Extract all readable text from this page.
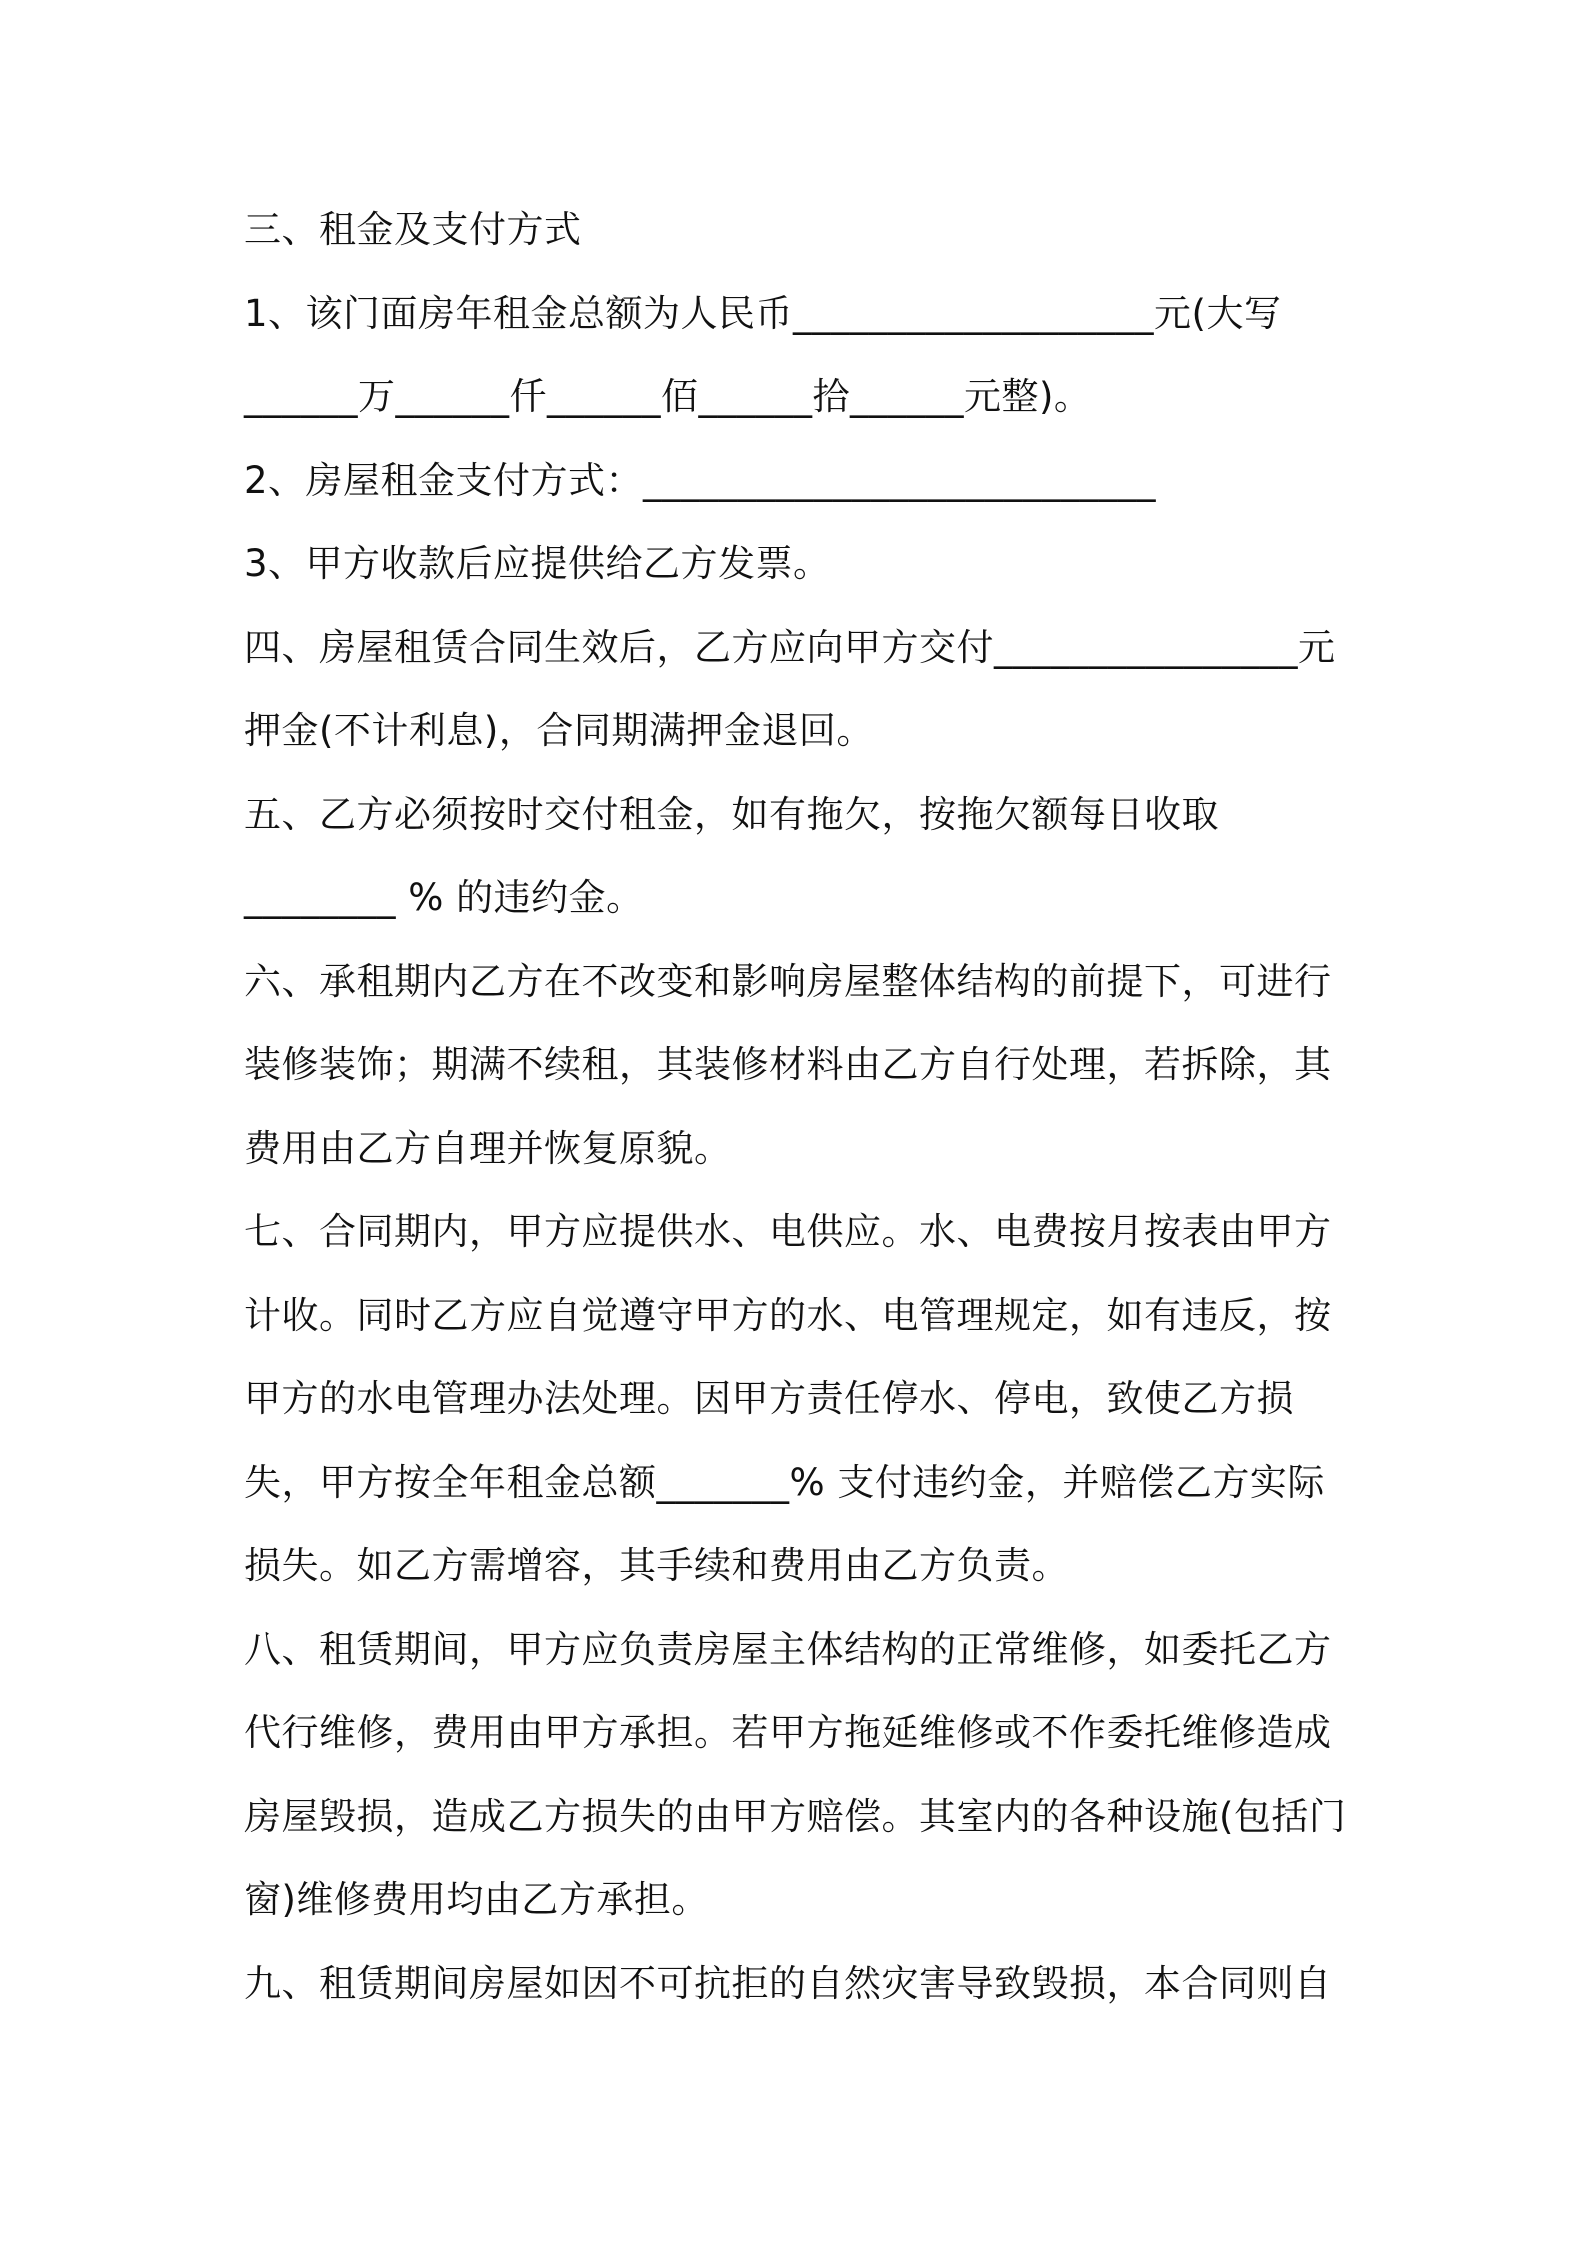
三、租金及支付方式
1、该门面房年租金总额为人民币___________________元(大写
______万______仟______佰______拾______元整)。
2、房屋租金支付方式：___________________________
3、甲方收款后应提供给乙方发票。
四、房屋租赁合同生效后，乙方应向甲方交付________________元
押金(不计利息)，合同期满押金退回。
五、乙方必须按时交付租金，如有拖欠，按拖欠额每日收取
________ % 的违约金。
六、承租期内乙方在不改变和影响房屋整体结构的前提下，可进行
装修装饰；期满不续租，其装修材料由乙方自行处理，若拆除，其
费用由乙方自理并恢复原貌。
七、合同期内，甲方应提供水、电供应。水、电费按月按表由甲方
计收。同时乙方应自觉遵守甲方的水、电管理规定，如有违反，按
甲方的水电管理办法处理。因甲方责任停水、停电，致使乙方损
失，甲方按全年租金总额_______% 支付违约金，并赔偿乙方实际
损失。如乙方需增容，其手续和费用由乙方负责。
八、租赁期间，甲方应负责房屋主体结构的正常维修，如委托乙方
代行维修，费用由甲方承担。若甲方拖延维修或不作委托维修造成
房屋毁损，造成乙方损失的由甲方赔偿。其室内的各种设施(包括门
窗)维修费用均由乙方承担。
九、租赁期间房屋如因不可抗拒的自然灾害导致毁损，本合同则自
